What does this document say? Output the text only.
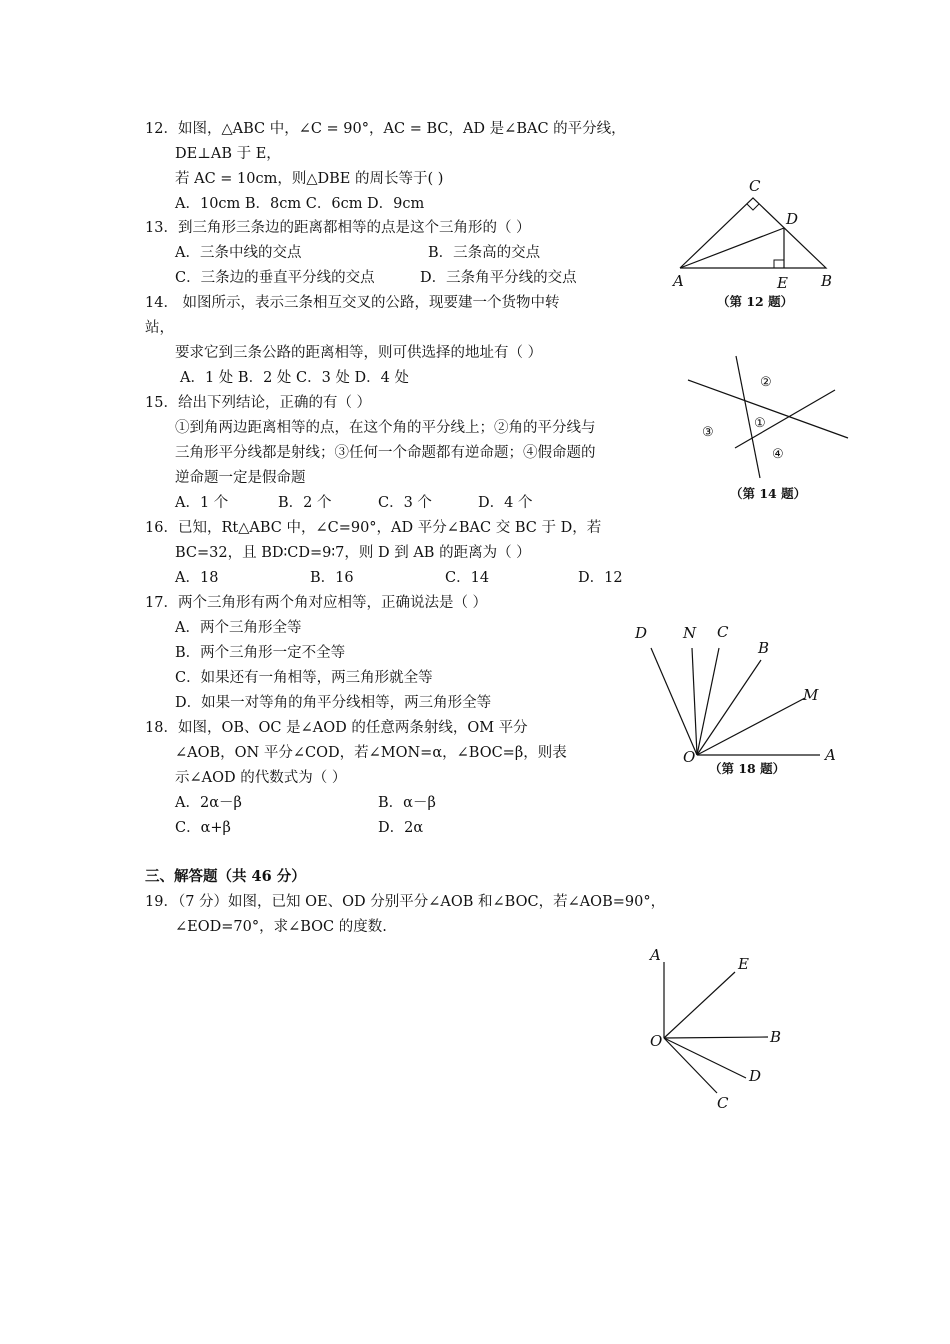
12．如图，△ABC 中，∠C = 90°，AC = BC，AD 是∠BAC 的平分线，
DE⊥AB 于 E，
若 AC = 10cm，则△DBE 的周长等于( )
A．10cm B．8cm C．6cm D．9cm
13．到三角形三条边的距离都相等的点是这个三角形的（ ）
A．三条中线的交点	B．三条高的交点
C．三条边的垂直平分线的交点	D．三条角平分线的交点
14． 如图所示，表示三条相互交叉的公路，现要建一个货物中转
站，
要求它到三条公路的距离相等，则可供选择的地址有（ ）
A．1 处 B．2 处 C．3 处 D．4 处
15．给出下列结论，正确的有（ ）
①到角两边距离相等的点，在这个角的平分线上；②角的平分线与
三角形平分线都是射线；③任何一个命题都有逆命题；④假命题的
逆命题一定是假命题
A．1 个	B．2 个	C．3 个	D．4 个
16．已知，Rt△ABC 中，∠C=90°，AD 平分∠BAC 交 BC 于 D，若
BC=32，且 BD∶CD=9∶7，则 D 到 AB 的距离为（ ）
A．18	B．16	C．14	D．12
17．两个三角形有两个角对应相等，正确说法是（ ）
A．两个三角形全等
B．两个三角形一定不全等
C．如果还有一角相等，两三角形就全等
D．如果一对等角的角平分线相等，两三角形全等
18．如图，OB、OC 是∠AOD 的任意两条射线，OM 平分
∠AOB，ON 平分∠COD，若∠MON=α，∠BOC=β，则表
示∠AOD 的代数式为（ ）
A．2α－β	B．α－β
C．α+β	D．2α
三、解答题（共 46 分）
19．（7 分）如图，已知 OE、OD 分别平分∠AOB 和∠BOC，若∠AOB=90°，
∠EOD=70°，求∠BOC 的度数.
C
D
A	E B
（第 12 题）
②
①
③
④
（第 14 题）
D N C
B
M
O	A
（第 18 题）
A	E
B
O
D
C
